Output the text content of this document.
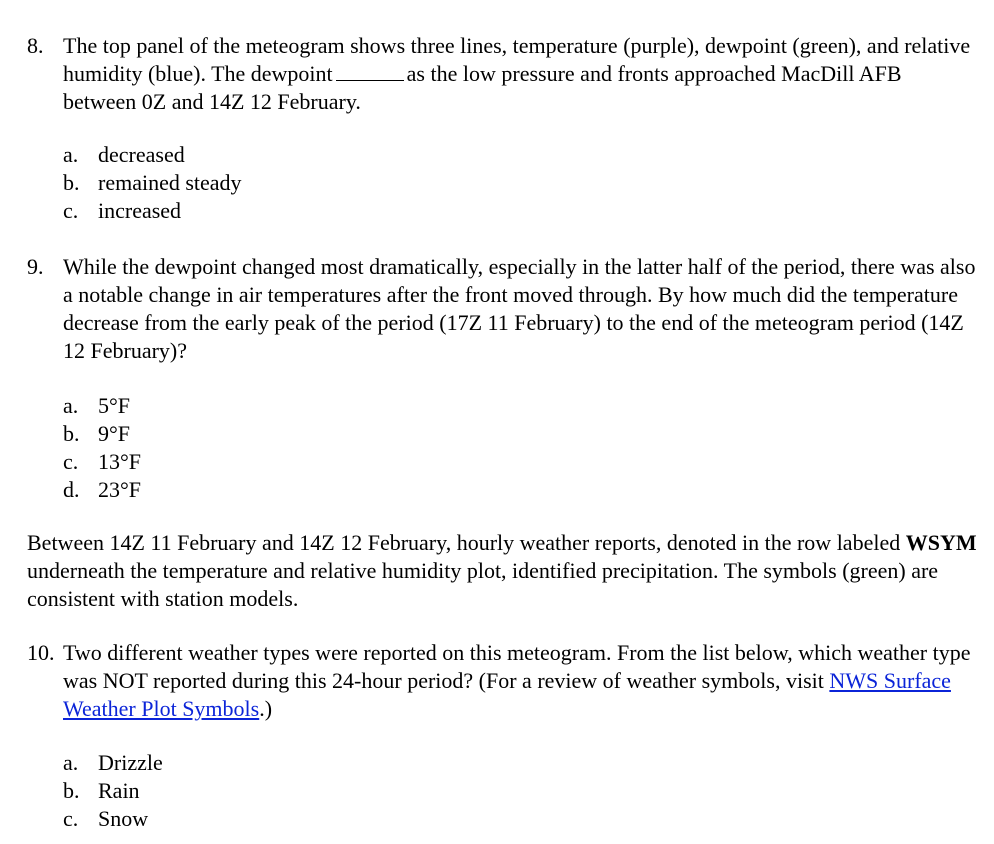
8. The top panel of the meteogram shows three lines, temperature (purple), dewpoint (green), and relative humidity (blue). The dewpoint	as the low pressure and fronts approached MacDill AFB between 0Z and 14Z 12 February.
a. decreased
b. remained steady
c. increased
9. While the dewpoint changed most dramatically, especially in the latter half of the period, there was also a notable change in air temperatures after the front moved through. By how much did the temperature decrease from the early peak of the period (17Z 11 February) to the end of the meteogram period (14Z 12 February)?
a. 5°F
b. 9°F
c. 13°F
d. 23°F
Between 14Z 11 February and 14Z 12 February, hourly weather reports, denoted in the row labeled WSYM underneath the temperature and relative humidity plot, identified precipitation. The symbols (green) are consistent with station models.
10. Two different weather types were reported on this meteogram. From the list below, which weather type was NOT reported during this 24-hour period? (For a review of weather symbols, visit NWS Surface Weather Plot Symbols.)
a. Drizzle
b. Rain
c. Snow
